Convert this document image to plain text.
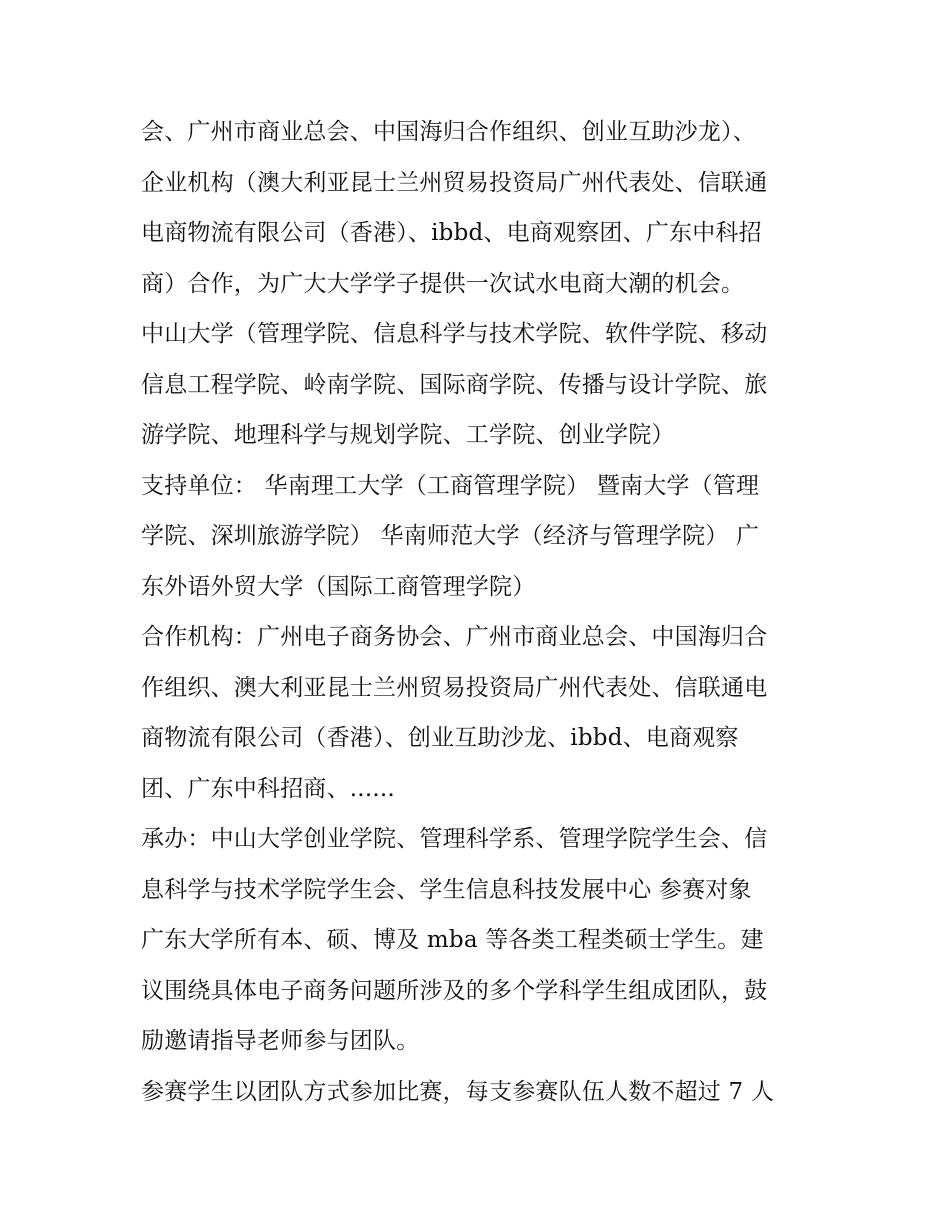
会、广州市商业总会、中国海归合作组织、创业互助沙龙）、
企业机构（澳大利亚昆士兰州贸易投资局广州代表处、信联通
电商物流有限公司（香港）、ibbd、电商观察团、广东中科招
商）合作，为广大大学学子提供一次试水电商大潮的机会。
中山大学（管理学院、信息科学与技术学院、软件学院、移动
信息工程学院、岭南学院、国际商学院、传播与设计学院、旅
游学院、地理科学与规划学院、工学院、创业学院）
支持单位： 华南理工大学（工商管理学院） 暨南大学（管理
学院、深圳旅游学院） 华南师范大学（经济与管理学院） 广
东外语外贸大学（国际工商管理学院）
合作机构：广州电子商务协会、广州市商业总会、中国海归合
作组织、澳大利亚昆士兰州贸易投资局广州代表处、信联通电
商物流有限公司（香港）、创业互助沙龙、ibbd、电商观察
团、广东中科招商、......
承办：中山大学创业学院、管理科学系、管理学院学生会、信
息科学与技术学院学生会、学生信息科技发展中心 参赛对象
广东大学所有本、硕、博及 mba 等各类工程类硕士学生。建
议围绕具体电子商务问题所涉及的多个学科学生组成团队，鼓
励邀请指导老师参与团队。
参赛学生以团队方式参加比赛，每支参赛队伍人数不超过 7 人
